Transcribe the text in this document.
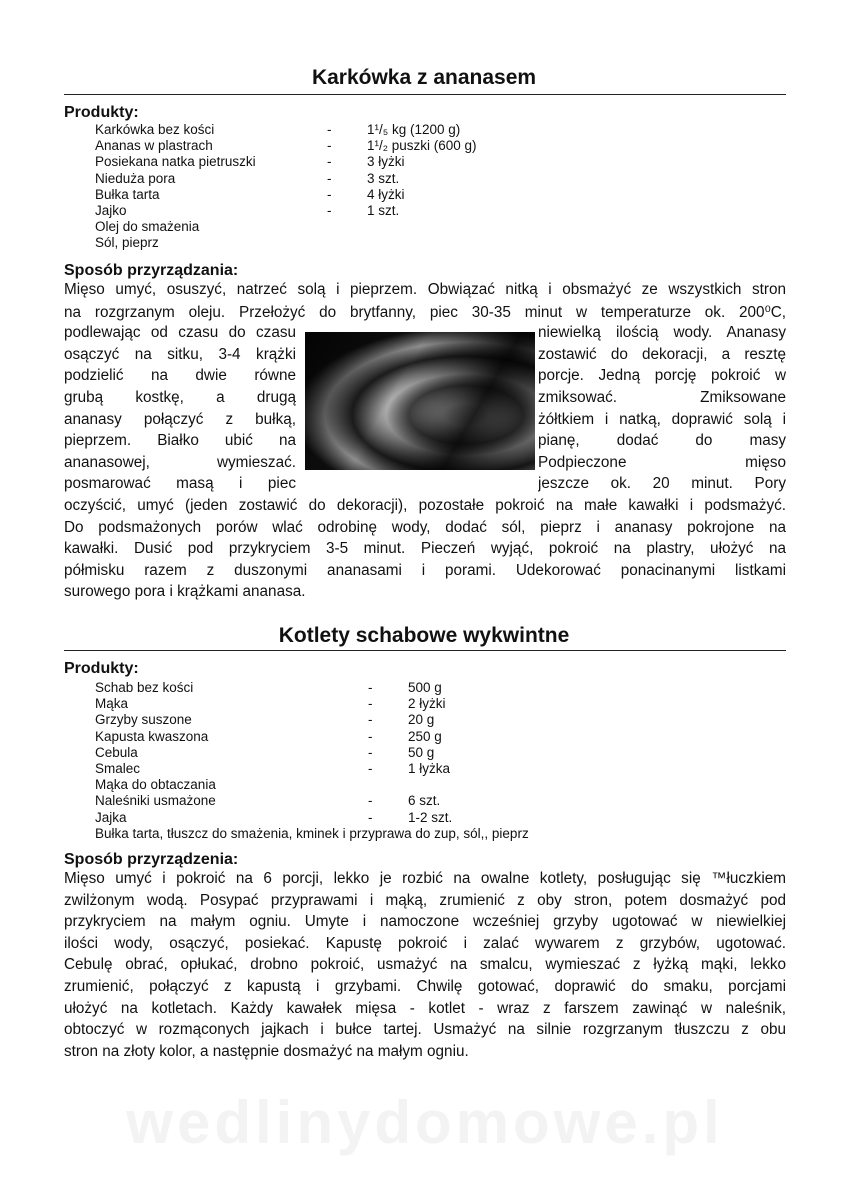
wedlinydomowe.pl
Karkówka z ananasem
Produkty:
Karkówka bez kości	-	1¹/₅ kg (1200 g)
Ananas w plastrach	-	1¹/₂ puszki (600 g)
Posiekana natka pietruszki	-	3 łyżki
Nieduża pora	-	3 szt.
Bułka tarta	-	4 łyżki
Jajko	-	1 szt.
Olej do smażenia
Sól, pieprz
Sposób przyrządzania:
Mięso umyć, osuszyć, natrzeć solą i pieprzem. Obwiązać nitką i obsmażyć ze wszystkich stron
na rozgrzanym oleju. Przełożyć do brytfanny, piec 30-35 minut w temperaturze ok. 200⁰C,
podlewając od czasu do czasu	niewielką ilością wody. Ananasy
osączyć na sitku, 3-4 krążki	zostawić do dekoracji, a resztę
podzielić na dwie równe	porcje. Jedną porcję pokroić w
grubą kostkę, a drugą	zmiksować. Zmiksowane
ananasy połączyć z bułką,	żółtkiem i natką, doprawić solą i
pieprzem. Białko ubić na	pianę, dodać do masy
ananasowej, wymieszać.	Podpieczone mięso
posmarować masą i piec	jeszcze ok. 20 minut. Pory
oczyścić, umyć (jeden zostawić do dekoracji), pozostałe pokroić na małe kawałki i podsmażyć.
Do podsmażonych porów wlać odrobinę wody, dodać sól, pieprz i ananasy pokrojone na
kawałki. Dusić pod przykryciem 3-5 minut. Pieczeń wyjąć, pokroić na plastry, ułożyć na
półmisku razem z duszonymi ananasami i porami. Udekorować ponacinanymi listkami
surowego pora i krążkami ananasa.
Kotlety schabowe wykwintne
Produkty:
Schab bez kości	-	500 g
Mąka	-	2 łyżki
Grzyby suszone	-	20 g
Kapusta kwaszona	-	250 g
Cebula	-	50 g
Smalec	-	1 łyżka
Mąka do obtaczania
Naleśniki usmażone	-	6 szt.
Jajka	-	1-2 szt.
Bułka tarta, tłuszcz do smażenia, kminek i przyprawa do zup, sól,, pieprz
Sposób przyrządzenia:
Mięso umyć i pokroić na 6 porcji, lekko je rozbić na owalne kotlety, posługując się ™łuczkiem
zwilżonym wodą. Posypać przyprawami i mąką, zrumienić z oby stron, potem dosmażyć pod
przykryciem na małym ogniu. Umyte i namoczone wcześniej grzyby ugotować w niewielkiej
ilości wody, osączyć, posiekać. Kapustę pokroić i zalać wywarem z grzybów, ugotować.
Cebulę obrać, opłukać, drobno pokroić, usmażyć na smalcu, wymieszać z łyżką mąki, lekko
zrumienić, połączyć z kapustą i grzybami. Chwilę gotować, doprawić do smaku, porcjami
ułożyć na kotletach. Każdy kawałek mięsa - kotlet - wraz z farszem zawinąć w naleśnik,
obtoczyć w rozmąconych jajkach i bułce tartej. Usmażyć na silnie rozgrzanym tłuszczu z obu
stron na złoty kolor, a następnie dosmażyć na małym ogniu.
